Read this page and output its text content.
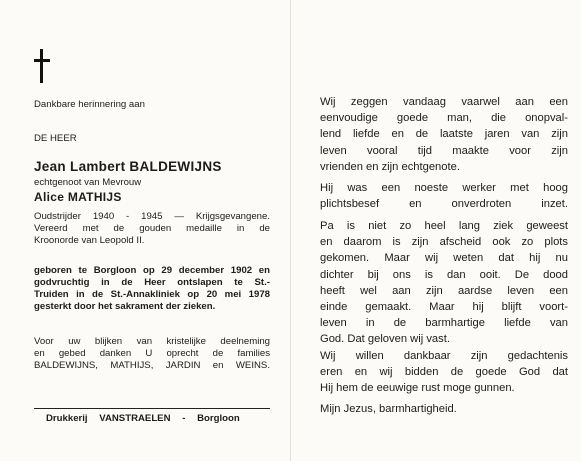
Dankbare herinnering aan
DE HEER
Jean Lambert BALDEWIJNS
echtgenoot van Mevrouw
Alice MATHIJS
Oudstrijder 1940 - 1945 — Krijgsgevangene.
Vereerd met de gouden medaille in de
Kroonorde van Leopold II.
geboren te Borgloon op 29 december 1902 en
godvruchtig in de Heer ontslapen te St.-
Truiden in de St.-Annakliniek op 20 mei 1978
gesterkt door het sakrament der zieken.
Voor uw blijken van kristelijke deelneming
en gebed danken U oprecht de families
BALDEWIJNS, MATHIJS, JARDIN en WEINS.
Drukkerij VANSTRAELEN - Borgloon
Wij zeggen vandaag vaarwel aan een
eenvoudige goede man, die onopval-
lend liefde en de laatste jaren van zijn
leven vooral tijd maakte voor zijn
vrienden en zijn echtgenote.
Hij was een noeste werker met hoog
plichtsbesef en onverdroten inzet.
Pa is niet zo heel lang ziek geweest
en daarom is zijn afscheid ook zo plots
gekomen. Maar wij weten dat hij nu
dichter bij ons is dan ooit. De dood
heeft wel aan zijn aardse leven een
einde gemaakt. Maar hij blijft voort-
leven in de barmhartige liefde van
God. Dat geloven wij vast.
Wij willen dankbaar zijn gedachtenis
eren en wij bidden de goede God dat
Hij hem de eeuwige rust moge gunnen.
Mijn Jezus, barmhartigheid.
